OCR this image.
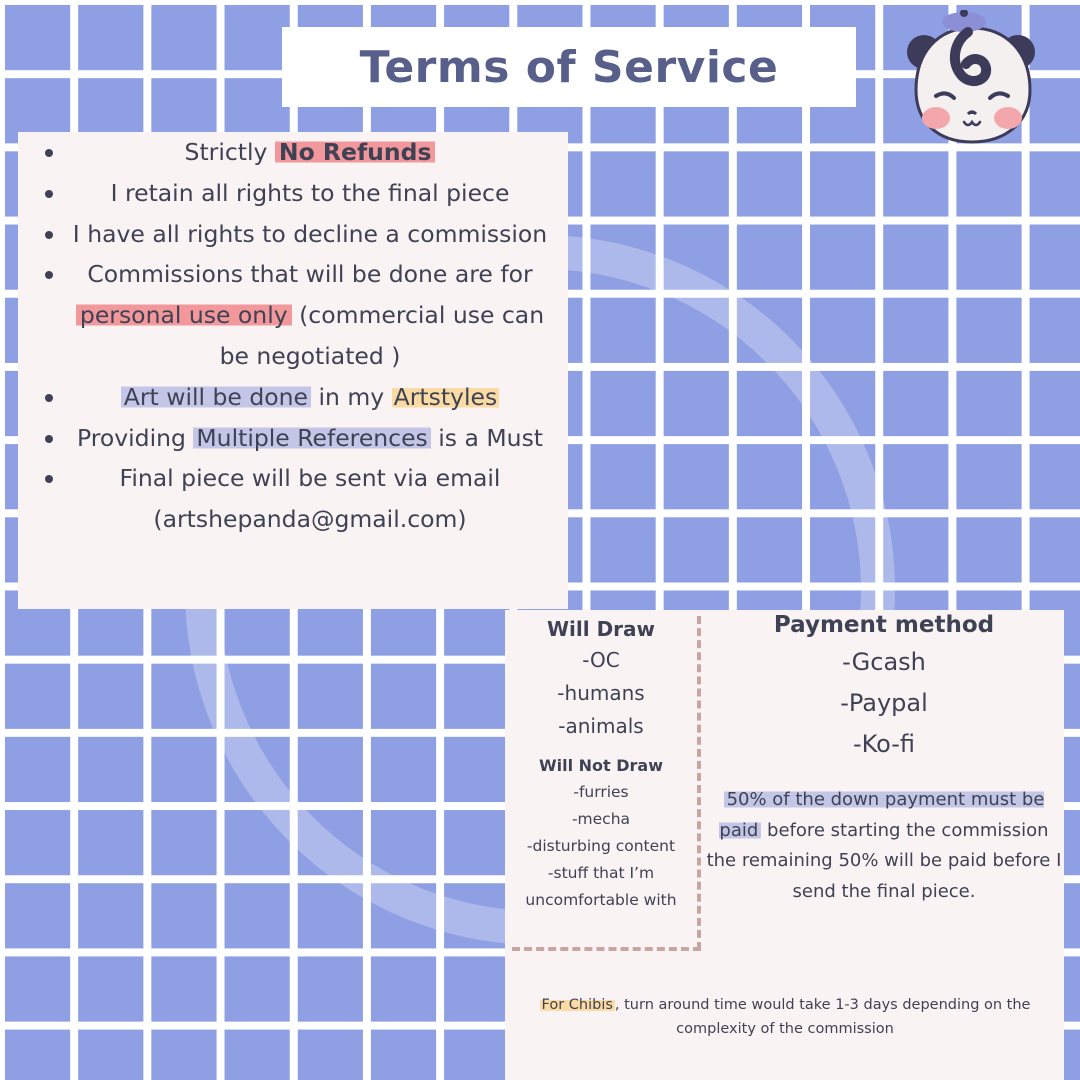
Terms of Service
Strictly No Refunds
I retain all rights to the final piece
I have all rights to decline a commission
Commissions that will be done are for personal use only (commercial use can be negotiated )
Art will be done in my Artstyles
Providing Multiple References is a Must
Final piece will be sent via email (artshepanda@gmail.com)
Will Draw
-OC
-humans
-animals
Will Not Draw
-furries
-mecha
-disturbing content
-stuff that I’m uncomfortable with
Payment method
-Gcash
-Paypal
-Ko-fi
50% of the down payment must be paid before starting the commission the remaining 50% will be paid before I send the final piece.
For Chibis , turn around time would take 1-3 days depending on the complexity of the commission
